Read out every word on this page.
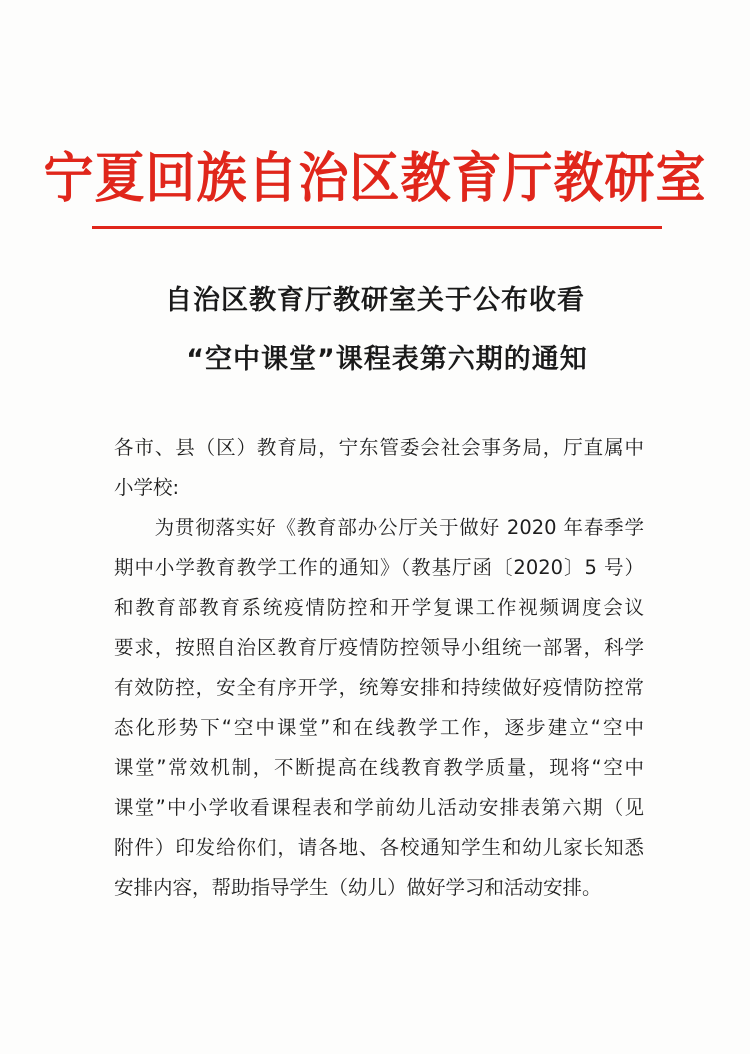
宁夏回族自治区教育厅教研室
自治区教育厅教研室关于公布收看
“空中课堂”课程表第六期的通知
各市、县（区）教育局，宁东管委会社会事务局，厅直属中
小学校:
　　为贯彻落实好《教育部办公厅关于做好 2020 年春季学
期中小学教育教学工作的通知》（教基厅函〔2020〕5 号）
和教育部教育系统疫情防控和开学复课工作视频调度会议
要求，按照自治区教育厅疫情防控领导小组统一部署，科学
有效防控，安全有序开学，统筹安排和持续做好疫情防控常
态化形势下“空中课堂”和在线教学工作，逐步建立“空中
课堂”常效机制，不断提高在线教育教学质量，现将“空中
课堂”中小学收看课程表和学前幼儿活动安排表第六期（见
附件）印发给你们，请各地、各校通知学生和幼儿家长知悉
安排内容，帮助指导学生（幼儿）做好学习和活动安排。
